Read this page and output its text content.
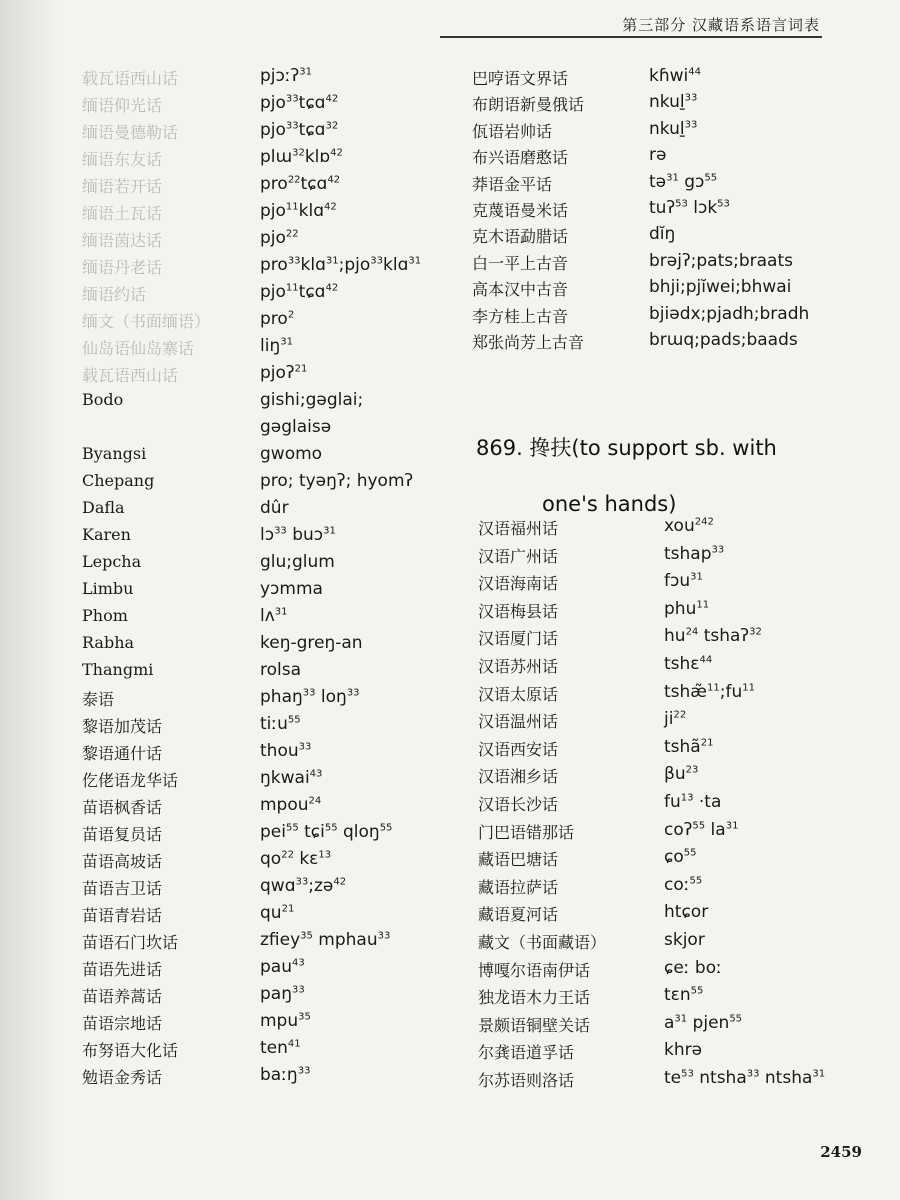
第三部分 汉藏语系语言词表
载瓦语西山话	pjɔːʔ$^{31}$
缅语仰光话	pjo$^{33}$tɕɑ$^{42}$
缅语曼德勒话	pjo$^{33}$tɕɑ$^{32}$
缅语东友话	plɯ$^{32}$klɒ$^{42}$
缅语若开话	pro$^{22}$tɕɑ$^{42}$
缅语土瓦话	pjo$^{11}$klɑ$^{42}$
缅语茵达话	pjo$^{22}$
缅语丹老话	pro$^{33}$klɑ$^{31}$;pjo$^{33}$klɑ$^{31}$
缅语约话	pjo$^{11}$tɕɑ$^{42}$
缅文（书面缅语）	pro$^2$
仙岛语仙岛寨话	liŋ$^{31}$
载瓦语西山话	pjoʔ$^{21}$
Bodo	gishi;gəglai;
gəglaisə
Byangsi	gwomo
Chepang	pro; tyəŋʔ; hyomʔ
Dafla	dûr
Karen	lɔ$^{33}$ buɔ$^{31}$
Lepcha	glu;glum
Limbu	yɔmma
Phom	lʌ$^{31}$
Rabha	keŋ-greŋ-an
Thangmi	rolsa
泰语	phaŋ$^{33}$ loŋ$^{33}$
黎语加茂话	tiːu$^{55}$
黎语通什话	thou$^{33}$
仡佬语龙华话	ŋkwai$^{43}$
苗语枫香话	mpou$^{24}$
苗语复员话	pei$^{55}$ tɕi$^{55}$ qloŋ$^{55}$
苗语高坡话	$qo^{22}$ kɛ$^{13}$
苗语吉卫话	qwɑ$^{33}$;zə$^{42}$
苗语青岩话	$qu^{21}$
苗语石门坎话	zfiey$^{35}$ mphau$^{33}$
苗语先进话	pau$^{43}$
苗语养蒿话	paŋ$^{33}$
苗语宗地话	mpu$^{35}$
布努语大化话	ten$^{41}$
勉语金秀话	baːŋ$^{33}$
巴哼语文界话	kɦwi$^{44}$
布朗语新曼俄话	nkuḻ$^{33}$
佤语岩帅话	nkuḻ$^{33}$
布兴语磨憨话	rə
莽语金平话	tə$^{31}$ gɔ$^{55}$
克蔑语曼米话	tuʔ$^{53}$ lɔk$^{53}$
克木语勐腊话	dĭŋ
白一平上古音	brəjʔ;pats;braats
高本汉中古音	bhji;pjĭwei;bhwai
李方桂上古音	bjiədx;pjadh;bradh
郑张尚芳上古音	brɯq;pads;baads
869. 搀扶(to support sb. with
one's hands)
汉语福州话	xou$^{242}$
汉语广州话	tshap$^{33}$
汉语海南话	fɔu$^{31}$
汉语梅县话	phu$^{11}$
汉语厦门话	$hu^{24}$ tshaʔ$^{32}$
汉语苏州话	tshɛ$^{44}$
汉语太原话	$tshæ̃^{11};fu^{11}$
汉语温州话	$ji^{22}$
汉语西安话	tshã$^{21}$
汉语湘乡话	$\beta u^{23}$
汉语长沙话	$fu^{13} \cdot ta$
门巴语错那话	coʔ$^{55}$ $la^{31}$
藏语巴塘话	ɕo$^{55}$
藏语拉萨话	coː$^{55}$
藏语夏河话	htɕor
藏文（书面藏语）	skjor
博嘎尔语南伊话	ɕeː boː
独龙语木力王话	tɛn$^{55}$
景颇语铜壁关话	$a^{31}$ pjen$^{55}$
尔龚语道孚话	khrə
尔苏语则洛话	$te^{53}$ ntsha$^{33}$ ntsha$^{31}$
2459
